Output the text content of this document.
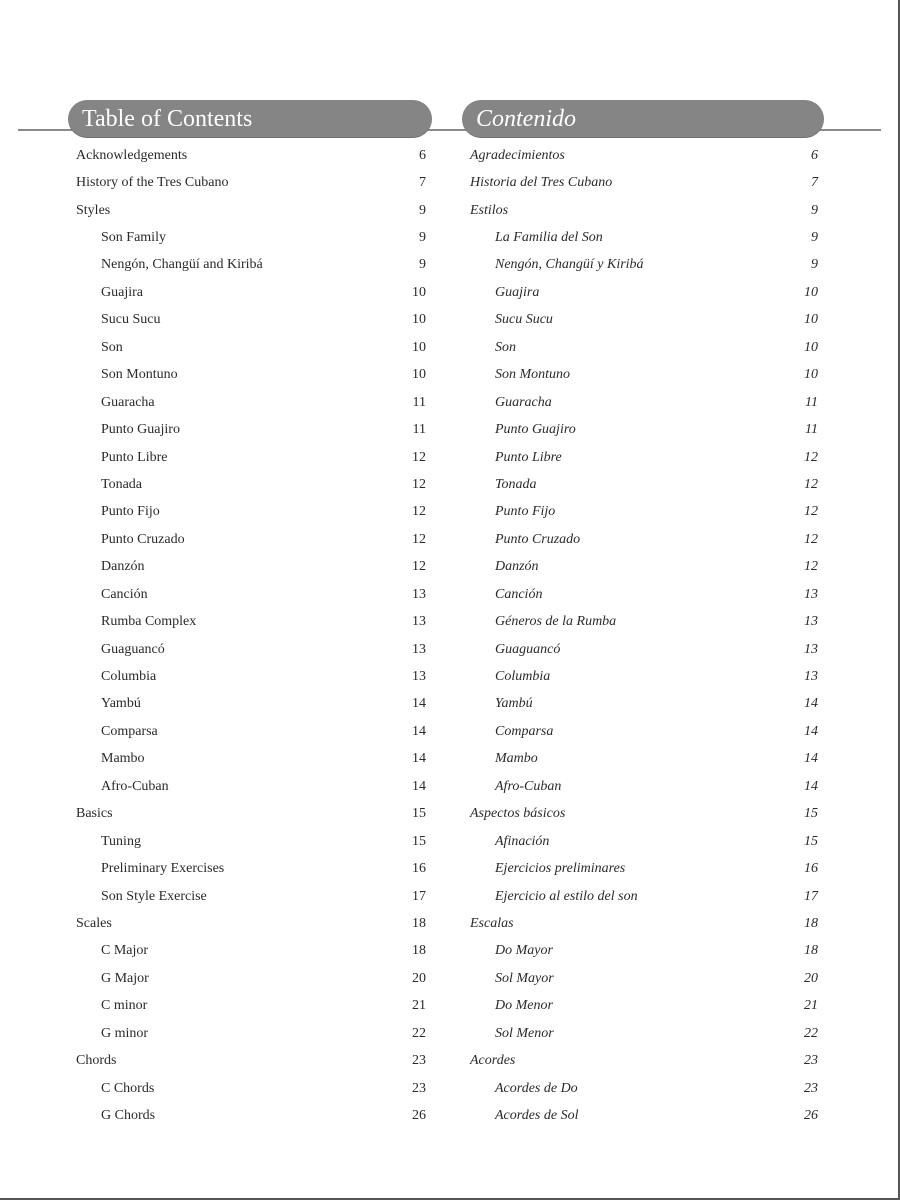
Table of Contents	Contenido
Acknowledgements	6
History of the Tres Cubano	7
Styles	9
Son Family	9
Nengón, Changüí and Kiribá	9
Guajira	10
Sucu Sucu	10
Son	10
Son Montuno	10
Guaracha	11
Punto Guajiro	11
Punto Libre	12
Tonada	12
Punto Fijo	12
Punto Cruzado	12
Danzón	12
Canción	13
Rumba Complex	13
Guaguancó	13
Columbia	13
Yambú	14
Comparsa	14
Mambo	14
Afro-Cuban	14
Basics	15
Tuning	15
Preliminary Exercises	16
Son Style Exercise	17
Scales	18
C Major	18
G Major	20
C minor	21
G minor	22
Chords	23
C Chords	23
G Chords	26
Agradecimientos	6
Historia del Tres Cubano	7
Estilos	9
La Familia del Son	9
Nengón, Changüí y Kiribá	9
Guajira	10
Sucu Sucu	10
Son	10
Son Montuno	10
Guaracha	11
Punto Guajiro	11
Punto Libre	12
Tonada	12
Punto Fijo	12
Punto Cruzado	12
Danzón	12
Canción	13
Géneros de la Rumba	13
Guaguancó	13
Columbia	13
Yambú	14
Comparsa	14
Mambo	14
Afro-Cuban	14
Aspectos básicos	15
Afinación	15
Ejercicios preliminares	16
Ejercicio al estilo del son	17
Escalas	18
Do Mayor	18
Sol Mayor	20
Do Menor	21
Sol Menor	22
Acordes	23
Acordes de Do	23
Acordes de Sol	26
